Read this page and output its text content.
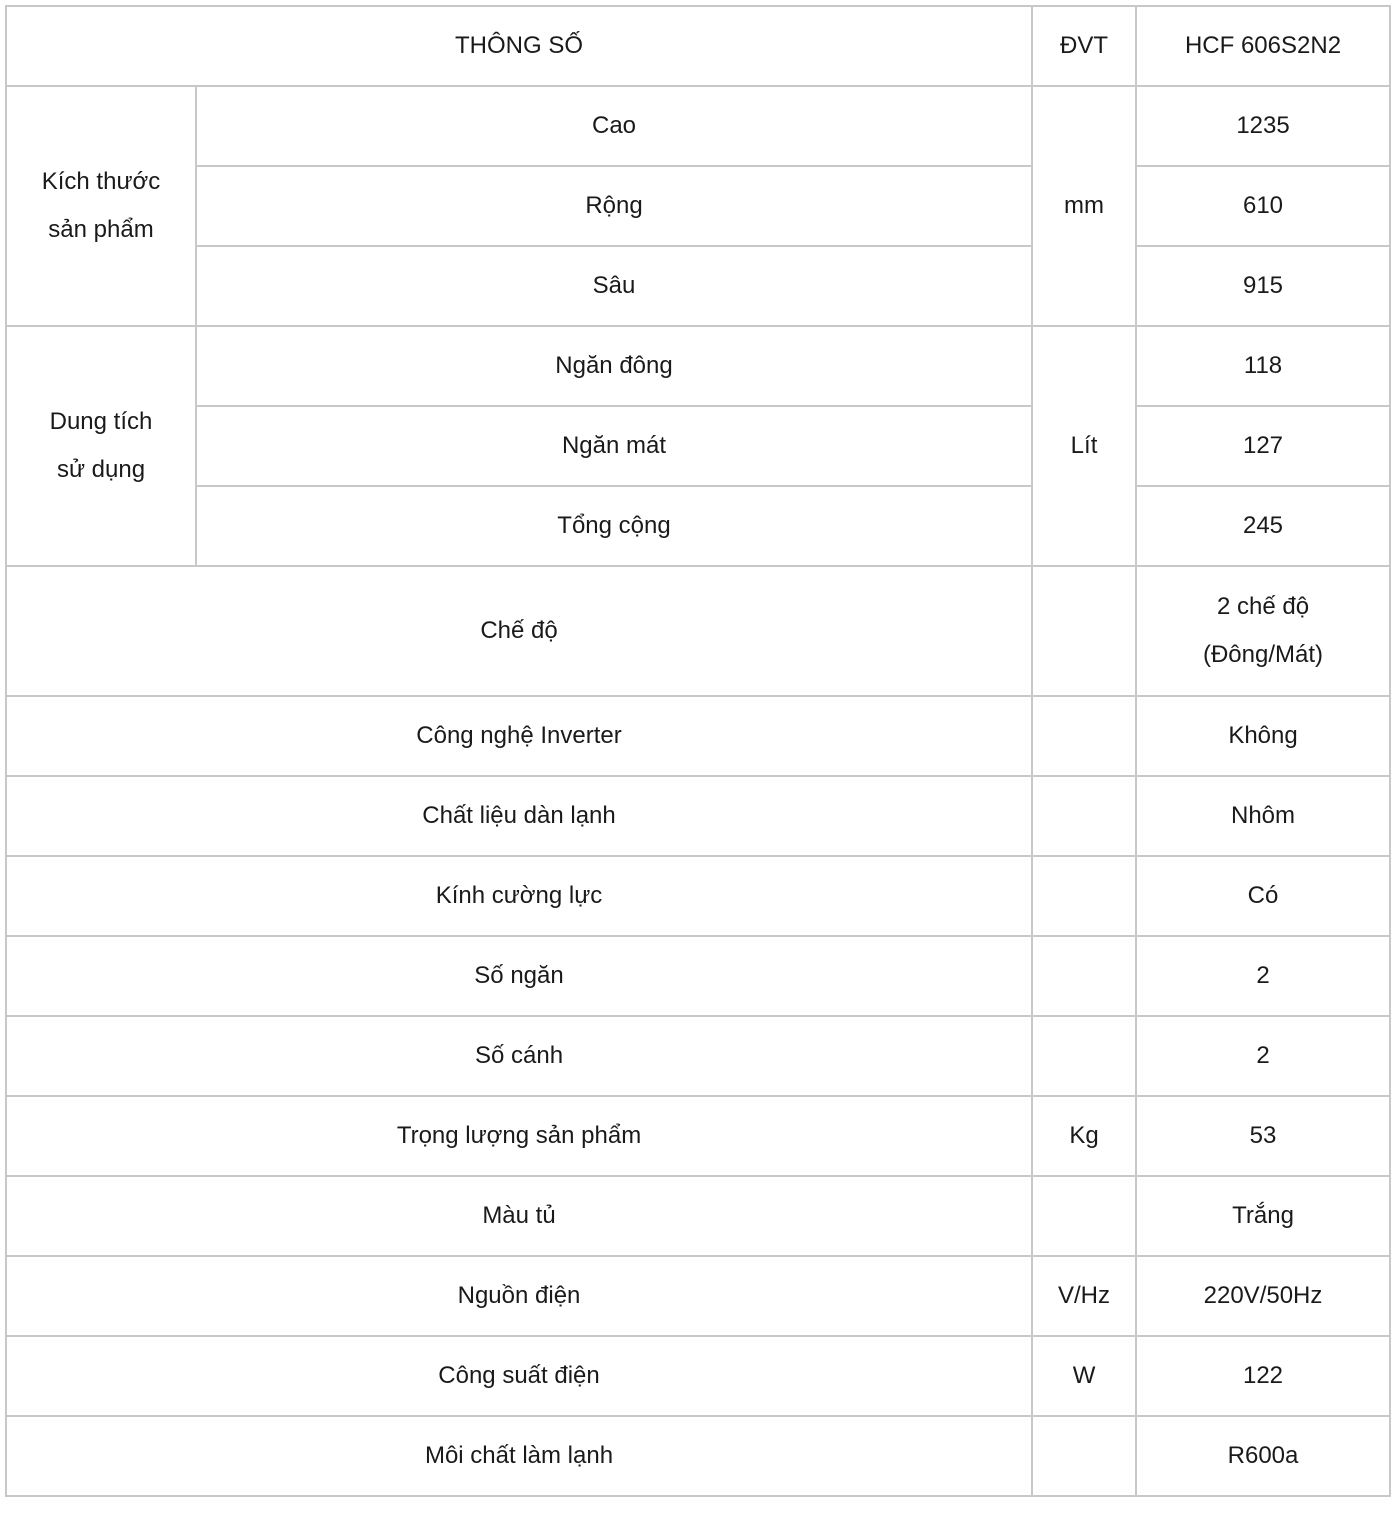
THÔNG SỐ		ĐVT	HCF 606S2N2

Kích thước
sản phẩm	Cao	mm	1235
	Rộng		610
	Sâu		915

Dung tích
sử dụng	Ngăn đông	Lít	118
	Ngăn mát		127
	Tổng cộng		245
Chế độ			2 chế độ
(Đông/Mát)

Công nghệ Inverter			Không
Chất liệu dàn lạnh			Nhôm
Kính cường lực			Có
Số ngăn			2
Số cánh			2
Trọng lượng sản phẩm		Kg	53
Màu tủ			Trắng
Nguồn điện		V/Hz	220V/50Hz
Công suất điện		W	122
Môi chất làm lạnh			R600a
